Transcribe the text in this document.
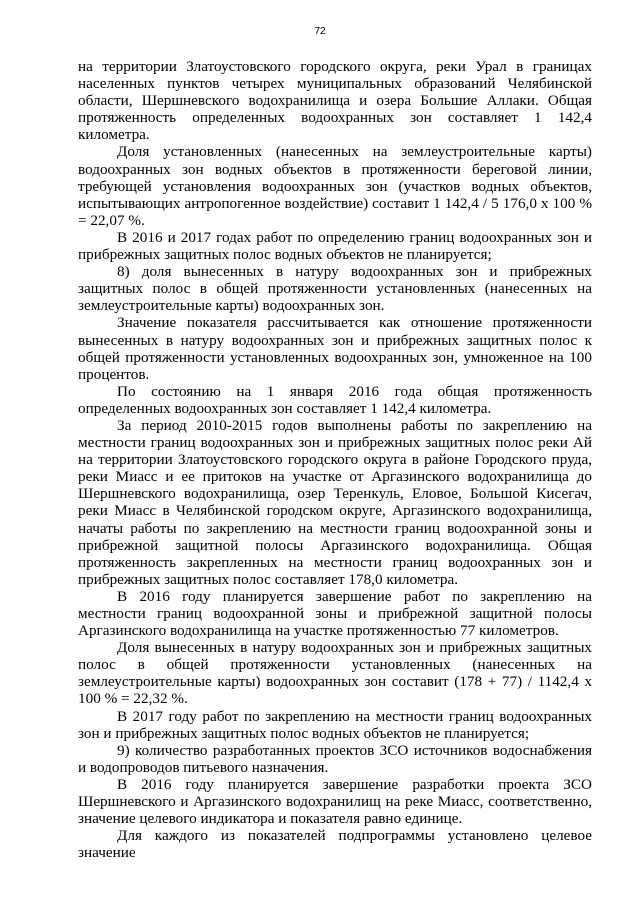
72

на территории Златоустовского городского округа, реки Урал в границах населенных пунктов четырех муниципальных образований Челябинской области, Шершневского водохранилища и озера Большие Аллаки. Общая протяженность определенных водоохранных зон составляет 1 142,4 километра.

Доля установленных (нанесенных на землеустроительные карты) водоохранных зон водных объектов в протяженности береговой линии, требующей установления водоохранных зон (участков водных объектов, испытывающих антропогенное воздействие) составит 1 142,4 / 5 176,0 х 100 % = 22,07 %.

В 2016 и 2017 годах работ по определению границ водоохранных зон и прибрежных защитных полос водных объектов не планируется;

8) доля вынесенных в натуру водоохранных зон и прибрежных защитных полос в общей протяженности установленных (нанесенных на землеустроительные карты) водоохранных зон.

Значение показателя рассчитывается как отношение протяженности вынесенных в натуру водоохранных зон и прибрежных защитных полос к общей протяженности установленных водоохранных зон, умноженное на 100 процентов.

По состоянию на 1 января 2016 года общая протяженность определенных водоохранных зон составляет 1 142,4 километра.

За период 2010-2015 годов выполнены работы по закреплению на местности границ водоохранных зон и прибрежных защитных полос реки Ай на территории Златоустовского городского округа в районе Городского пруда, реки Миасс и ее притоков на участке от Аргазинского водохранилища до Шершневского водохранилища, озер Теренкуль, Еловое, Большой Кисегач, реки Миасс в Челябинской городском округе, Аргазинского водохранилища, начаты работы по закреплению на местности границ водоохранной зоны и прибрежной защитной полосы Аргазинского водохранилища. Общая протяженность закрепленных на местности границ водоохранных зон и прибрежных защитных полос составляет 178,0 километра.

В 2016 году планируется завершение работ по закреплению на местности границ водоохранной зоны и прибрежной защитной полосы Аргазинского водохранилища на участке протяженностью 77 километров.

Доля вынесенных в натуру водоохранных зон и прибрежных защитных полос в общей протяженности установленных (нанесенных на землеустроительные карты) водоохранных зон составит (178 + 77) / 1142,4 х 100 % = 22,32 %.

В 2017 году работ по закреплению на местности границ водоохранных зон и прибрежных защитных полос водных объектов не планируется;

9) количество разработанных проектов ЗСО источников водоснабжения и водопроводов питьевого назначения.

В 2016 году планируется завершение разработки проекта ЗСО Шершневского и Аргазинского водохранилищ на реке Миасс, соответственно, значение целевого индикатора и показателя равно единице.

Для каждого из показателей подпрограммы установлено целевое значение
